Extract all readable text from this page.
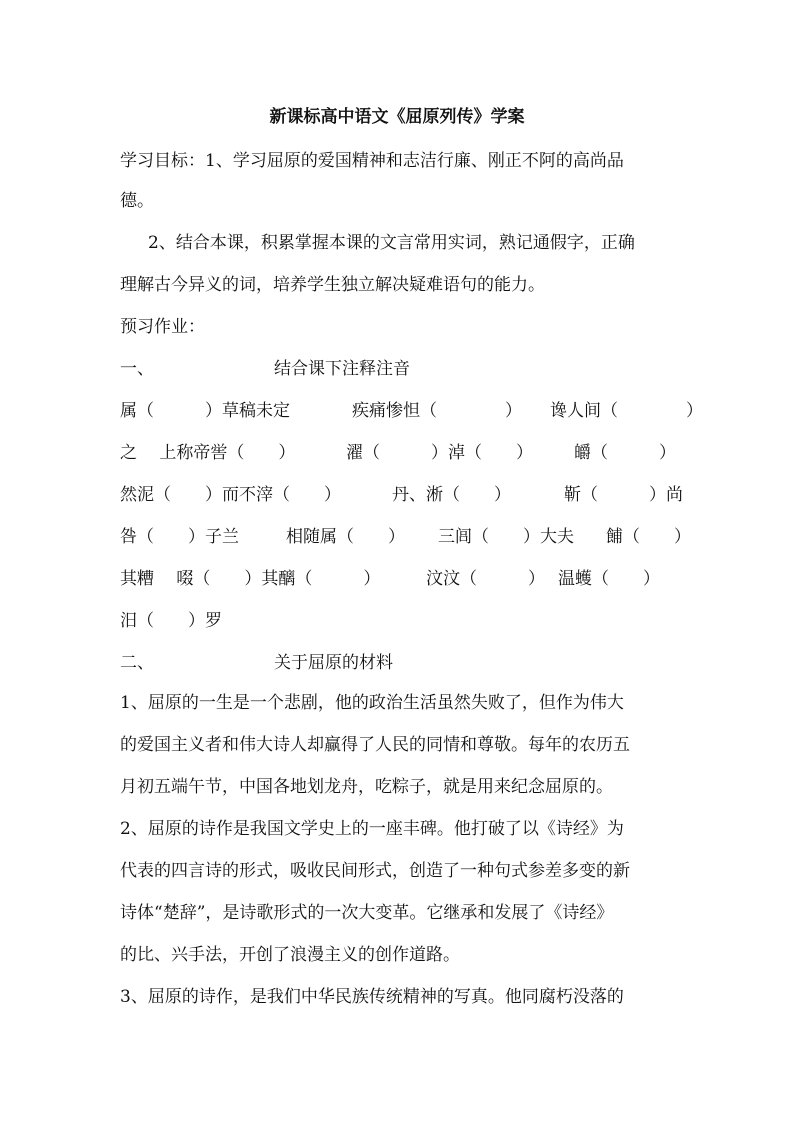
新课标高中语文《屈原列传》学案
学习目标：1、学习屈原的爱国精神和志洁行廉、刚正不阿的高尚品
德。
2、结合本课，积累掌握本课的文言常用实词，熟记通假字，正确
理解古今异义的词，培养学生独立解决疑难语句的能力。
预习作业：
一、	结合课下注释注音
属（　　　）草稿未定	疾痛惨怛（　　　　） 谗人间（　　　　）
之　 上称帝喾（　　）	濯（　　　）淖（　　） 皭（　　　）
然泥（　　）而不滓（　　）	丹、淅（　　）	靳（　　　）尚
咎（　　）子兰	相随属（　　） 三闾（　　）大夫 餔（　　）
其糟　 啜（　　）其醨（　　　）	汶汶（　　　） 温蠖（　　）
汨（　　）罗
二、	关于屈原的材料
1、屈原的一生是一个悲剧，他的政治生活虽然失败了，但作为伟大
的爱国主义者和伟大诗人却赢得了人民的同情和尊敬。每年的农历五
月初五端午节，中国各地划龙舟，吃粽子，就是用来纪念屈原的。
2、屈原的诗作是我国文学史上的一座丰碑。他打破了以《诗经》为
代表的四言诗的形式，吸收民间形式，创造了一种句式参差多变的新
诗体“楚辞”，是诗歌形式的一次大变革。它继承和发展了《诗经》
的比、兴手法，开创了浪漫主义的创作道路。
3、屈原的诗作，是我们中华民族传统精神的写真。他同腐朽没落的
